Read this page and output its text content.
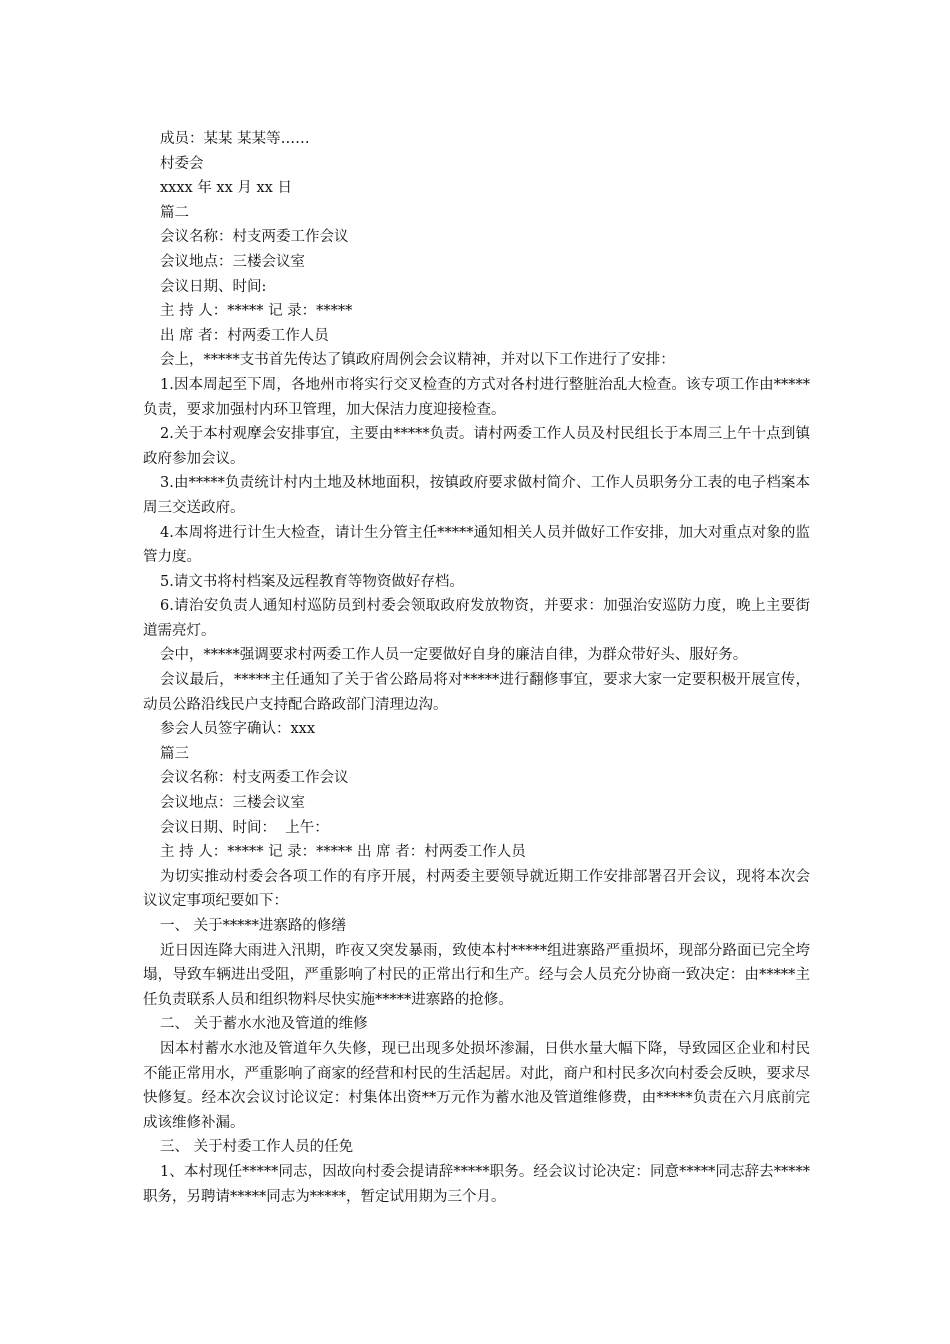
成员：某某 某某等……
村委会
xxxx 年 xx 月 xx 日
篇二
会议名称：村支两委工作会议
会议地点：三楼会议室
会议日期、时间:
主 持 人：***** 记 录：*****
出 席 者：村两委工作人员

会上，*****支书首先传达了镇政府周例会会议精神，并对以下工作进行了安排：

1.因本周起至下周，各地州市将实行交叉检查的方式对各村进行整脏治乱大检查。该专项工作由*****负责，要求加强村内环卫管理，加大保洁力度迎接检查。

2.关于本村观摩会安排事宜，主要由*****负责。请村两委工作人员及村民组长于本周三上午十点到镇政府参加会议。

3.由*****负责统计村内土地及林地面积，按镇政府要求做村简介、工作人员职务分工表的电子档案本周三交送政府。

4.本周将进行计生大检查，请计生分管主任*****通知相关人员并做好工作安排，加大对重点对象的监管力度。

5.请文书将村档案及远程教育等物资做好存档。

6.请治安负责人通知村巡防员到村委会领取政府发放物资，并要求：加强治安巡防力度，晚上主要街道需亮灯。

会中，*****强调要求村两委工作人员一定要做好自身的廉洁自律，为群众带好头、服好务。

会议最后，*****主任通知了关于省公路局将对*****进行翻修事宜，要求大家一定要积极开展宣传，动员公路沿线民户支持配合路政部门清理边沟。

参会人员签字确认：xxx
篇三
会议名称：村支两委工作会议
会议地点：三楼会议室
会议日期、时间：  上午：
主 持 人：***** 记 录：***** 出 席 者：村两委工作人员

为切实推动村委会各项工作的有序开展，村两委主要领导就近期工作安排部署召开会议，现将本次会议议定事项纪要如下：

一、 关于*****进寨路的修缮

近日因连降大雨进入汛期，昨夜又突发暴雨，致使本村*****组进寨路严重损坏，现部分路面已完全垮塌，导致车辆进出受阻，严重影响了村民的正常出行和生产。经与会人员充分协商一致决定：由*****主任负责联系人员和组织物料尽快实施*****进寨路的抢修。

二、 关于蓄水水池及管道的维修

因本村蓄水水池及管道年久失修，现已出现多处损坏渗漏，日供水量大幅下降，导致园区企业和村民不能正常用水，严重影响了商家的经营和村民的生活起居。对此，商户和村民多次向村委会反映，要求尽快修复。经本次会议讨论议定：村集体出资**万元作为蓄水池及管道维修费，由*****负责在六月底前完成该维修补漏。

三、 关于村委工作人员的任免

1、本村现任*****同志，因故向村委会提请辞*****职务。经会议讨论决定：同意*****同志辞去*****职务，另聘请*****同志为*****，暂定试用期为三个月。
